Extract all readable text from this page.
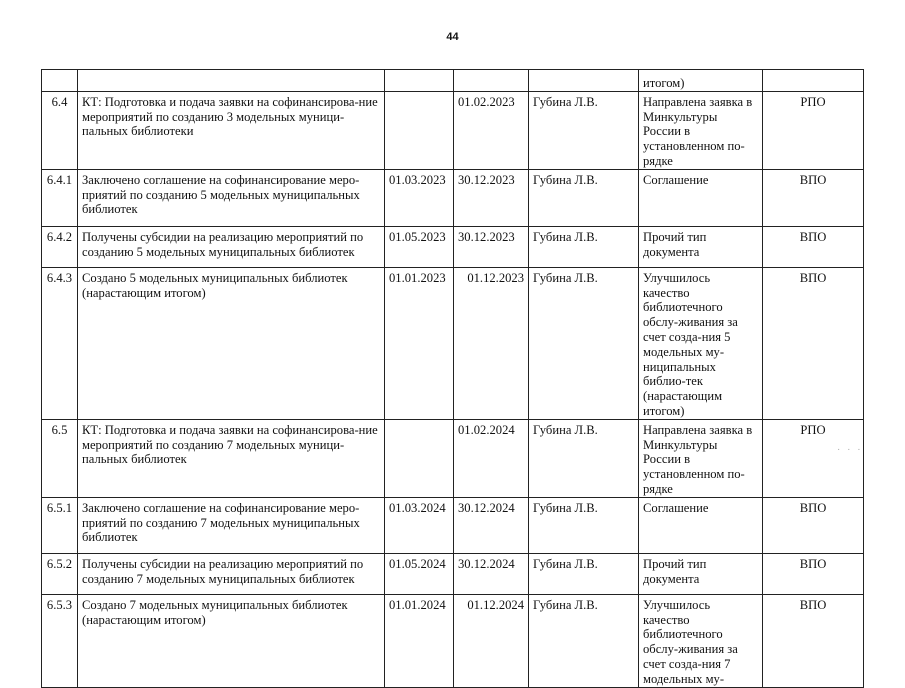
44
					итогом)	
6.4	КТ: Подготовка и подача заявки на софинансирова-ние мероприятий по созданию 3 модельных муници-пальных библиотеки		01.02.2023	Губина Л.В.	Направлена заявка в Минкультуры России в установленном по-рядке	РПО
6.4.1	Заключено соглашение на софинансирование меро-приятий по созданию 5 модельных муниципальных библиотек	01.03.2023	30.12.2023	Губина Л.В.	Соглашение	ВПО
6.4.2	Получены субсидии на реализацию мероприятий по созданию 5 модельных муниципальных библиотек	01.05.2023	30.12.2023	Губина Л.В.	Прочий тип документа	ВПО
6.4.3	Создано 5 модельных муниципальных библиотек (нарастающим итогом)	01.01.2023	01.12.2023	Губина Л.В.	Улучшилось качество библиотечного обслу-живания за счет созда-ния 5 модельных му-ниципальных библио-тек (нарастающим итогом)	ВПО
6.5	КТ: Подготовка и подача заявки на софинансирова-ние мероприятий по созданию 7 модельных муници-пальных библиотек		01.02.2024	Губина Л.В.	Направлена заявка в Минкультуры России в установленном по-рядке	РПО
6.5.1	Заключено соглашение на софинансирование меро-приятий по созданию 7 модельных муниципальных библиотек	01.03.2024	30.12.2024	Губина Л.В.	Соглашение	ВПО
6.5.2	Получены субсидии на реализацию мероприятий по созданию 7 модельных муниципальных библиотек	01.05.2024	30.12.2024	Губина Л.В.	Прочий тип документа	ВПО
6.5.3	Создано 7 модельных муниципальных библиотек (нарастающим итогом)	01.01.2024	01.12.2024	Губина Л.В.	Улучшилось качество библиотечного обслу-живания за счет созда-ния 7 модельных му-	ВПО
· · ·
